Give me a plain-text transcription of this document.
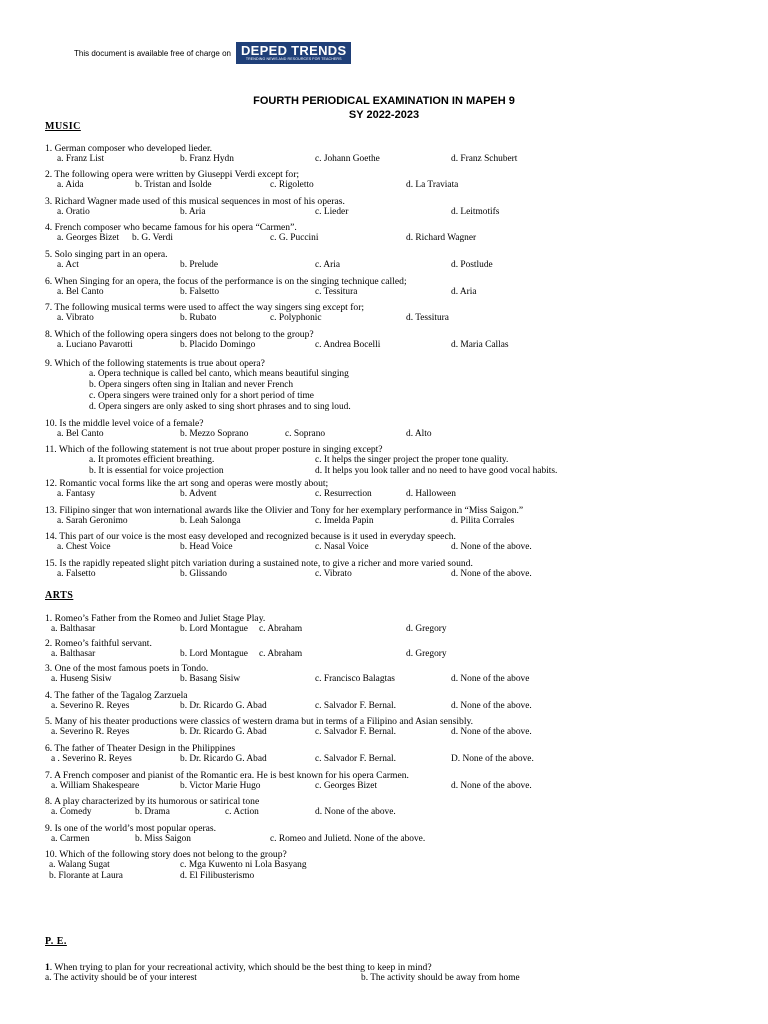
This document is available free of charge on DEPED TRENDS
TRENDING NEWS AND RESOURCES FOR TEACHERS
FOURTH PERIODICAL EXAMINATION IN MAPEH 9
SY 2022-2023
MUSIC
1. German composer who developed lieder.
a. Franz List	b. Franz Hydn	c. Johann Goethe	d. Franz Schubert
2. The following opera were written by Giuseppi Verdi except for;
a. Aida	b. Tristan and Isolde	c. Rigoletto	d. La Traviata
3. Richard Wagner made used of this musical sequences in most of his operas.
a. Oratio	b. Aria	c. Lieder	d. Leitmotifs
4. French composer who became famous for his opera “Carmen”.
a. Georges Bizet b. G. Verdi	c. G. Puccini	d. Richard Wagner
5. Solo singing part in an opera.
a. Act	b. Prelude	c. Aria	d. Postlude
6. When Singing for an opera, the focus of the performance is on the singing technique called;
a. Bel Canto	b. Falsetto	c. Tessitura	d. Aria
7. The following musical terms were used to affect the way singers sing except for;
a. Vibrato	b. Rubato	c. Polyphonic	d. Tessitura
8. Which of the following opera singers does not belong to the group?
a. Luciano Pavarotti	b. Placido Domingo	c. Andrea Bocelli	d. Maria Callas
9. Which of the following statements is true about opera?
a. Opera technique is called bel canto, which means beautiful singing
b. Opera singers often sing in Italian and never French
c. Opera singers were trained only for a short period of time
d. Opera singers are only asked to sing short phrases and to sing loud.
10. Is the middle level voice of a female?
a. Bel Canto	b. Mezzo Soprano	c. Soprano	d. Alto
11. Which of the following statement is not true about proper posture in singing except?
a. It promotes efficient breathing.	c. It helps the singer project the proper tone quality.
b. It is essential for voice projection	d. It helps you look taller and no need to have good vocal habits.
12. Romantic vocal forms like the art song and operas were mostly about;
a. Fantasy	b. Advent	c. Resurrection	d. Halloween
13. Filipino singer that won international awards like the Olivier and Tony for her exemplary performance in “Miss Saigon.”
a. Sarah Geronimo	b. Leah Salonga	c. Imelda Papin	d. Pilita Corrales
14. This part of our voice is the most easy developed and recognized because is it used in everyday speech.
a. Chest Voice	b. Head Voice	c. Nasal Voice	d. None of the above.
15. Is the rapidly repeated slight pitch variation during a sustained note, to give a richer and more varied sound.
a. Falsetto	b. Glissando	c. Vibrato	d. None of the above.
ARTS
1. Romeo’s Father from the Romeo and Juliet Stage Play.
a. Balthasar	b. Lord Montague c. Abraham	d. Gregory
2. Romeo’s faithful servant.
a. Balthasar	b. Lord Montague c. Abraham	d. Gregory
3. One of the most famous poets in Tondo.
a. Huseng Sisiw	b. Basang Sisiw	c. Francisco Balagtas	d. None of the above
4. The father of the Tagalog Zarzuela
a. Severino R. Reyes	b. Dr. Ricardo G. Abad	c. Salvador F. Bernal.	d. None of the above.
5. Many of his theater productions were classics of western drama but in terms of a Filipino and Asian sensibly.
a. Severino R. Reyes	b. Dr. Ricardo G. Abad	c. Salvador F. Bernal.	d. None of the above.
6. The father of Theater Design in the Philippines
a . Severino R. Reyes	b. Dr. Ricardo G. Abad	c. Salvador F. Bernal.	D. None of the above.
7. A French composer and pianist of the Romantic era. He is best known for his opera Carmen.
a. William Shakespeare	b. Victor Marie Hugo	c. Georges Bizet	d. None of the above.
8. A play characterized by its humorous or satirical tone
a. Comedy	b. Drama	c. Action	d. None of the above.
9. Is one of the world’s most popular operas.
a. Carmen	b. Miss Saigon	c. Romeo and Julietd. None of the above.
10. Which of the following story does not belong to the group?
a. Walang Sugat	c. Mga Kuwento ni Lola Basyang
b. Florante at Laura	d. El Filibusterismo
P. E.
1. When trying to plan for your recreational activity, which should be the best thing to keep in mind?
a. The activity should be of your interest	b. The activity should be away from home
